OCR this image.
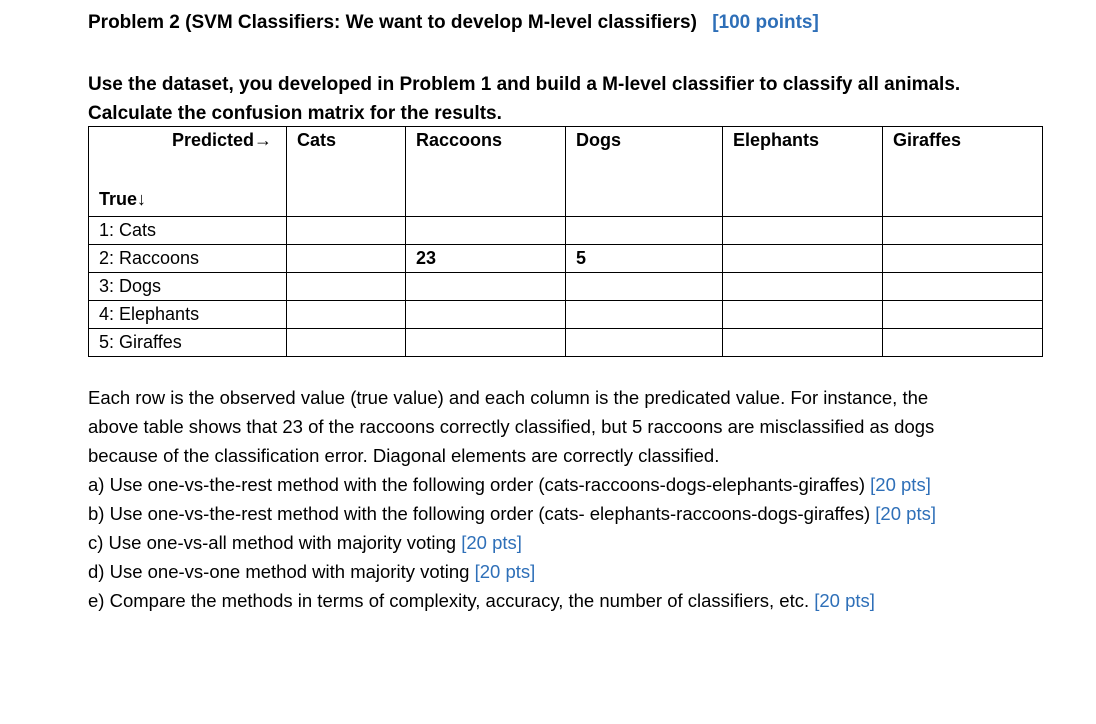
Problem 2 (SVM Classifiers: We want to develop M-level classifiers) [100 points]
Use the dataset, you developed in Problem 1 and build a M-level classifier to classify all animals.
Calculate the confusion matrix for the results.
Predicted→
True↓	Cats	Raccoons	Dogs	Elephants	Giraffes
1: Cats					
2: Raccoons		23	5		
3: Dogs					
4: Elephants					
5: Giraffes					
Each row is the observed value (true value) and each column is the predicated value. For instance, the
above table shows that 23 of the raccoons correctly classified, but 5 raccoons are misclassified as dogs
because of the classification error. Diagonal elements are correctly classified.
a) Use one-vs-the-rest method with the following order (cats-raccoons-dogs-elephants-giraffes) [20 pts]
b) Use one-vs-the-rest method with the following order (cats- elephants-raccoons-dogs-giraffes) [20 pts]
c) Use one-vs-all method with majority voting [20 pts]
d) Use one-vs-one method with majority voting [20 pts]
e) Compare the methods in terms of complexity, accuracy, the number of classifiers, etc. [20 pts]
